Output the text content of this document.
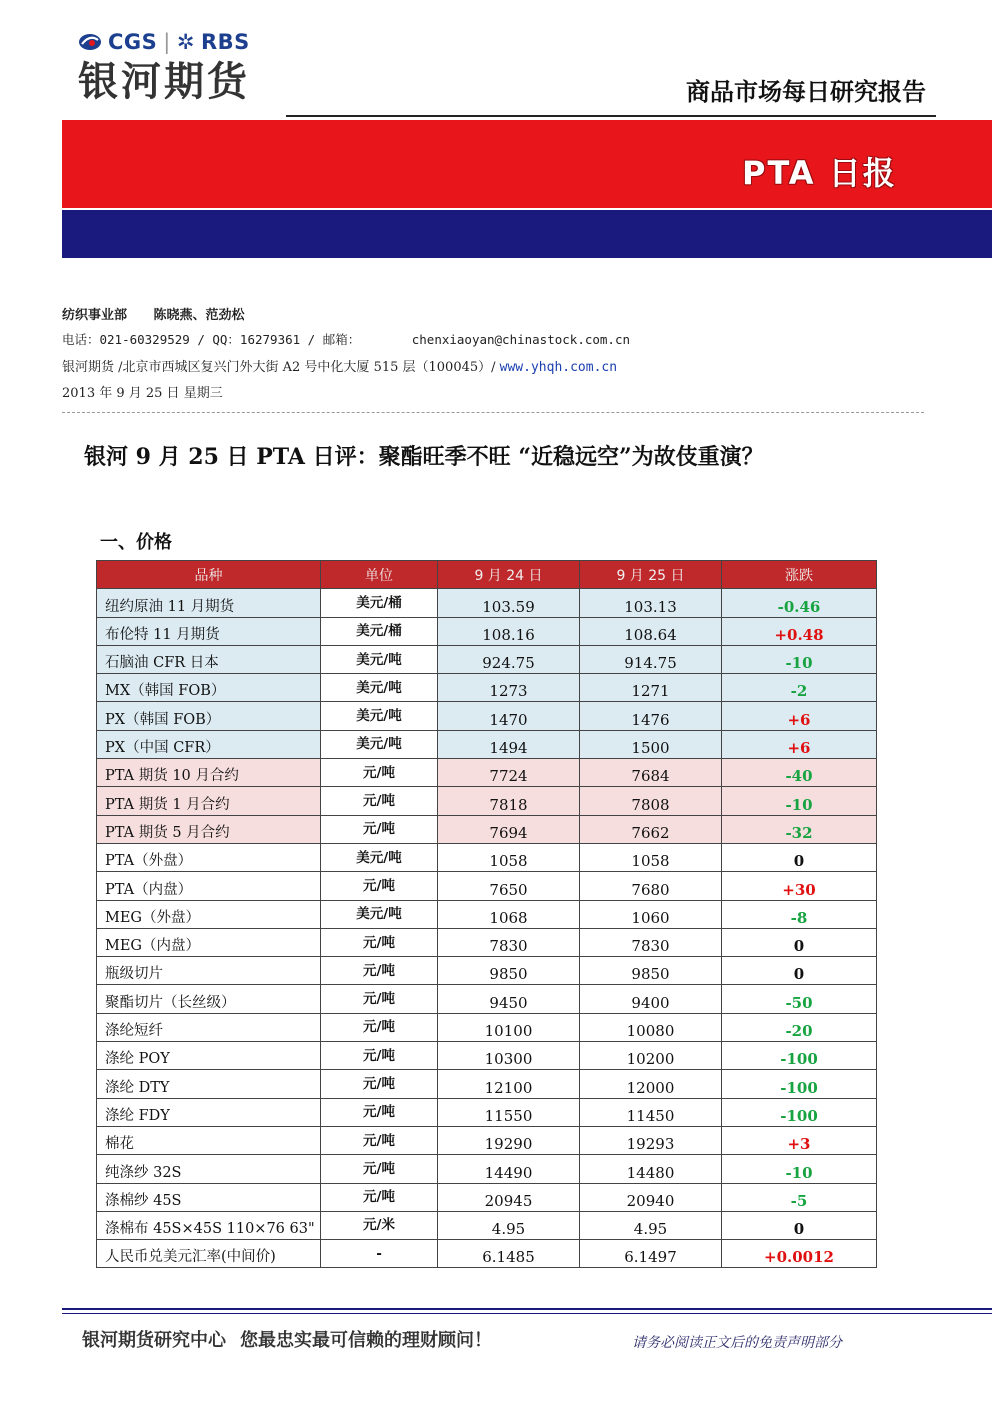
CGS | ✲ RBS
银河期货	商品市场每日研究报告
PTA 日报
纺织事业部 陈晓燕、范劲松
电话：021-60329529 / QQ：16279361 / 邮箱：	chenxiaoyan@chinastock.com.cn
银河期货 /北京市西城区复兴门外大街 A2 号中化大厦 515 层（100045）/ www.yhqh.com.cn
2013 年 9 月 25 日 星期三
银河 9 月 25 日 PTA 日评：聚酯旺季不旺 “近稳远空”为故伎重演？
一、价格
品种	单位	9 月 24 日	9 月 25 日	涨跌
纽约原油 11 月期货	美元/桶	103.59	103.13	-0.46
布伦特 11 月期货	美元/桶	108.16	108.64	+0.48
石脑油 CFR 日本	美元/吨	924.75	914.75	-10
MX（韩国 FOB）	美元/吨	1273	1271	-2
PX（韩国 FOB）	美元/吨	1470	1476	+6
PX（中国 CFR）	美元/吨	1494	1500	+6
PTA 期货 10 月合约	元/吨	7724	7684	-40
PTA 期货 1 月合约	元/吨	7818	7808	-10
PTA 期货 5 月合约	元/吨	7694	7662	-32
PTA（外盘）	美元/吨	1058	1058	0
PTA（内盘）	元/吨	7650	7680	+30
MEG（外盘）	美元/吨	1068	1060	-8
MEG（内盘）	元/吨	7830	7830	0
瓶级切片	元/吨	9850	9850	0
聚酯切片（长丝级）	元/吨	9450	9400	-50
涤纶短纤	元/吨	10100	10080	-20
涤纶 POY	元/吨	10300	10200	-100
涤纶 DTY	元/吨	12100	12000	-100
涤纶 FDY	元/吨	11550	11450	-100
棉花	元/吨	19290	19293	+3
纯涤纱 32S	元/吨	14490	14480	-10
涤棉纱 45S	元/吨	20945	20940	-5
涤棉布 45S×45S 110×76 63"	元/米	4.95	4.95	0
人民币兑美元汇率(中间价)	-	6.1485	6.1497	+0.0012
银河期货研究中心 您最忠实最可信赖的理财顾问！	请务必阅读正文后的免责声明部分
